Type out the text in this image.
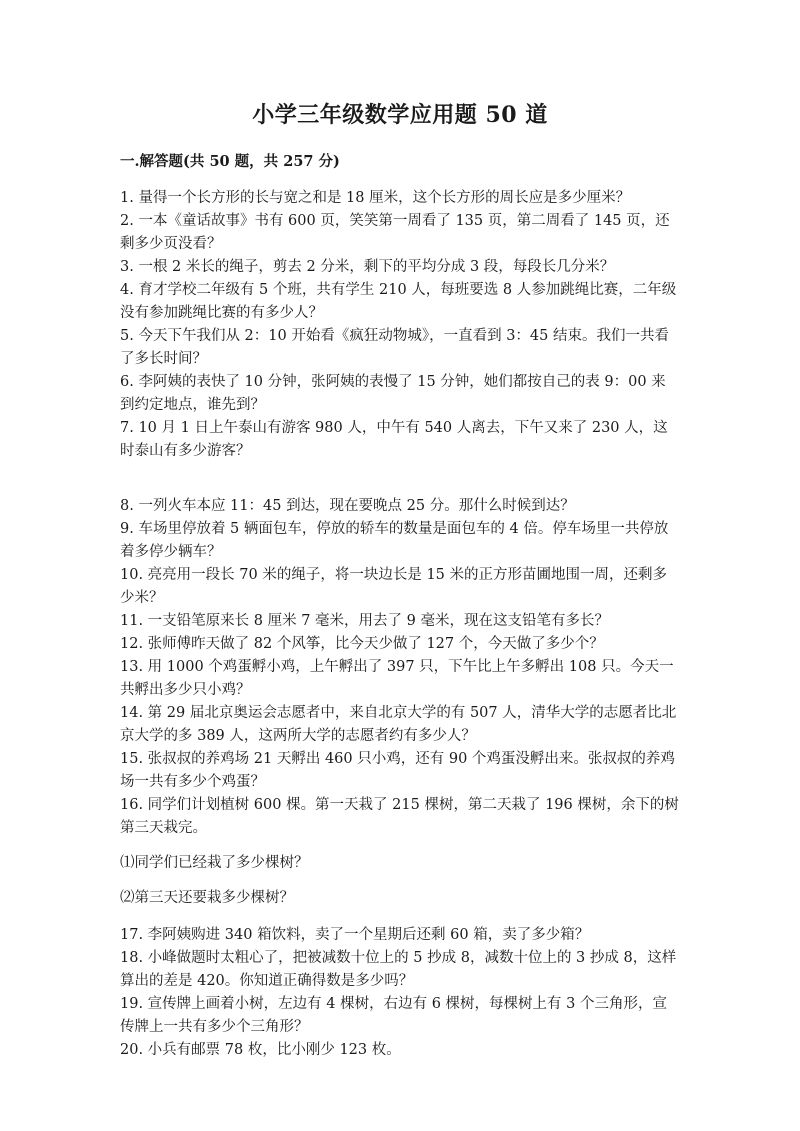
小学三年级数学应用题 50 道
一.解答题(共 50 题，共 257 分)

1. 量得一个长方形的长与宽之和是 18 厘米，这个长方形的周长应是多少厘米？

2. 一本《童话故事》书有 600 页，笑笑第一周看了 135 页，第二周看了 145 页，还剩多少页没看？

3. 一根 2 米长的绳子，剪去 2 分米，剩下的平均分成 3 段，每段长几分米？

4. 育才学校二年级有 5 个班，共有学生 210 人，每班要选 8 人参加跳绳比赛，二年级没有参加跳绳比赛的有多少人？

5. 今天下午我们从 2：10 开始看《疯狂动物城》，一直看到 3：45 结束。我们一共看了多长时间？

6. 李阿姨的表快了 10 分钟，张阿姨的表慢了 15 分钟，她们都按自己的表 9：00 来到约定地点，谁先到？

7. 10 月 1 日上午泰山有游客 980 人，中午有 540 人离去，下午又来了 230 人，这时泰山有多少游客？

8. 一列火车本应 11：45 到达，现在要晚点 25 分。那什么时候到达？

9. 车场里停放着 5 辆面包车，停放的轿车的数量是面包车的 4 倍。停车场里一共停放着多停少辆车？

10. 亮亮用一段长 70 米的绳子，将一块边长是 15 米的正方形苗圃地围一周，还剩多少米？

11. 一支铅笔原来长 8 厘米 7 毫米，用去了 9 毫米，现在这支铅笔有多长？

12. 张师傅昨天做了 82 个风筝，比今天少做了 127 个，今天做了多少个？

13. 用 1000 个鸡蛋孵小鸡，上午孵出了 397 只，下午比上午多孵出 108 只。今天一共孵出多少只小鸡？

14. 第 29 届北京奥运会志愿者中，来自北京大学的有 507 人，清华大学的志愿者比北京大学的多 389 人，这两所大学的志愿者约有多少人？

15. 张叔叔的养鸡场 21 天孵出 460 只小鸡，还有 90 个鸡蛋没孵出来。张叔叔的养鸡场一共有多少个鸡蛋？

16. 同学们计划植树 600 棵。第一天栽了 215 棵树，第二天栽了 196 棵树，余下的树第三天栽完。

⑴同学们已经栽了多少棵树？

⑵第三天还要栽多少棵树？

17. 李阿姨购进 340 箱饮料，卖了一个星期后还剩 60 箱，卖了多少箱？

18. 小峰做题时太粗心了，把被减数十位上的 5 抄成 8，减数十位上的 3 抄成 8，这样算出的差是 420。你知道正确得数是多少吗？

19. 宣传牌上画着小树，左边有 4 棵树，右边有 6 棵树，每棵树上有 3 个三角形，宣传牌上一共有多少个三角形？

20. 小兵有邮票 78 枚，比小刚少 123 枚。
